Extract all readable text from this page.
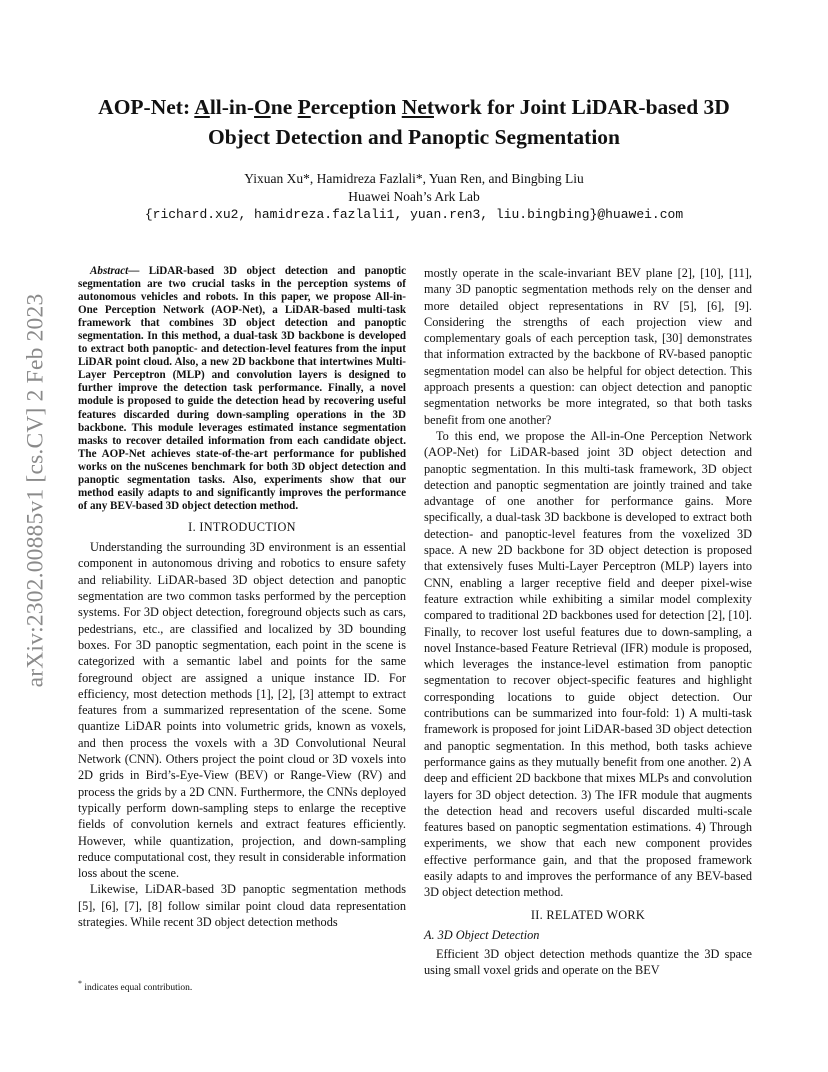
arXiv:2302.00885v1 [cs.CV] 2 Feb 2023
AOP-Net: All-in-One Perception Network for Joint LiDAR-based 3D Object Detection and Panoptic Segmentation
Yixuan Xu*, Hamidreza Fazlali*, Yuan Ren, and Bingbing Liu
Huawei Noah’s Ark Lab
{richard.xu2, hamidreza.fazlali1, yuan.ren3, liu.bingbing}@huawei.com

Abstract— LiDAR-based 3D object detection and panoptic segmentation are two crucial tasks in the perception systems of autonomous vehicles and robots. In this paper, we propose All-in-One Perception Network (AOP-Net), a LiDAR-based multi-task framework that combines 3D object detection and panoptic segmentation. In this method, a dual-task 3D backbone is developed to extract both panoptic- and detection-level features from the input LiDAR point cloud. Also, a new 2D backbone that intertwines Multi-Layer Perceptron (MLP) and convolution layers is designed to further improve the detection task performance. Finally, a novel module is proposed to guide the detection head by recovering useful features discarded during down-sampling operations in the 3D backbone. This module leverages estimated instance segmentation masks to recover detailed information from each candidate object. The AOP-Net achieves state-of-the-art performance for published works on the nuScenes benchmark for both 3D object detection and panoptic segmentation tasks. Also, experiments show that our method easily adapts to and significantly improves the performance of any BEV-based 3D object detection method.

I. INTRODUCTION

Understanding the surrounding 3D environment is an essential component in autonomous driving and robotics to ensure safety and reliability. LiDAR-based 3D object detection and panoptic segmentation are two common tasks performed by the perception systems. For 3D object detection, foreground objects such as cars, pedestrians, etc., are classified and localized by 3D bounding boxes. For 3D panoptic segmentation, each point in the scene is categorized with a semantic label and points for the same foreground object are assigned a unique instance ID. For efficiency, most detection methods [1], [2], [3] attempt to extract features from a summarized representation of the scene. Some quantize LiDAR points into volumetric grids, known as voxels, and then process the voxels with a 3D Convolutional Neural Network (CNN). Others project the point cloud or 3D voxels into 2D grids in Bird’s-Eye-View (BEV) or Range-View (RV) and process the grids by a 2D CNN. Furthermore, the CNNs deployed typically perform down-sampling steps to enlarge the receptive fields of convolution kernels and extract features efficiently. However, while quantization, projection, and down-sampling reduce computational cost, they result in considerable information loss about the scene.

Likewise, LiDAR-based 3D panoptic segmentation methods [5], [6], [7], [8] follow similar point cloud data representation strategies. While recent 3D object detection methods

mostly operate in the scale-invariant BEV plane [2], [10], [11], many 3D panoptic segmentation methods rely on the denser and more detailed object representations in RV [5], [6], [9]. Considering the strengths of each projection view and complementary goals of each perception task, [30] demonstrates that information extracted by the backbone of RV-based panoptic segmentation model can also be helpful for object detection. This approach presents a question: can object detection and panoptic segmentation networks be more integrated, so that both tasks benefit from one another?

To this end, we propose the All-in-One Perception Network (AOP-Net) for LiDAR-based joint 3D object detection and panoptic segmentation. In this multi-task framework, 3D object detection and panoptic segmentation are jointly trained and take advantage of one another for performance gains. More specifically, a dual-task 3D backbone is developed to extract both detection- and panoptic-level features from the voxelized 3D space. A new 2D backbone for 3D object detection is proposed that extensively fuses Multi-Layer Perceptron (MLP) layers into CNN, enabling a larger receptive field and deeper pixel-wise feature extraction while exhibiting a similar model complexity compared to traditional 2D backbones used for detection [2], [10]. Finally, to recover lost useful features due to down-sampling, a novel Instance-based Feature Retrieval (IFR) module is proposed, which leverages the instance-level estimation from panoptic segmentation to recover object-specific features and highlight corresponding locations to guide object detection. Our contributions can be summarized into four-fold: 1) A multi-task framework is proposed for joint LiDAR-based 3D object detection and panoptic segmentation. In this method, both tasks achieve performance gains as they mutually benefit from one another. 2) A deep and efficient 2D backbone that mixes MLPs and convolution layers for 3D object detection. 3) The IFR module that augments the detection head and recovers useful discarded multi-scale features based on panoptic segmentation estimations. 4) Through experiments, we show that each new component provides effective performance gain, and that the proposed framework easily adapts to and improves the performance of any BEV-based 3D object detection method.

II. RELATED WORK
A. 3D Object Detection

Efficient 3D object detection methods quantize the 3D space using small voxel grids and operate on the BEV

* indicates equal contribution.
